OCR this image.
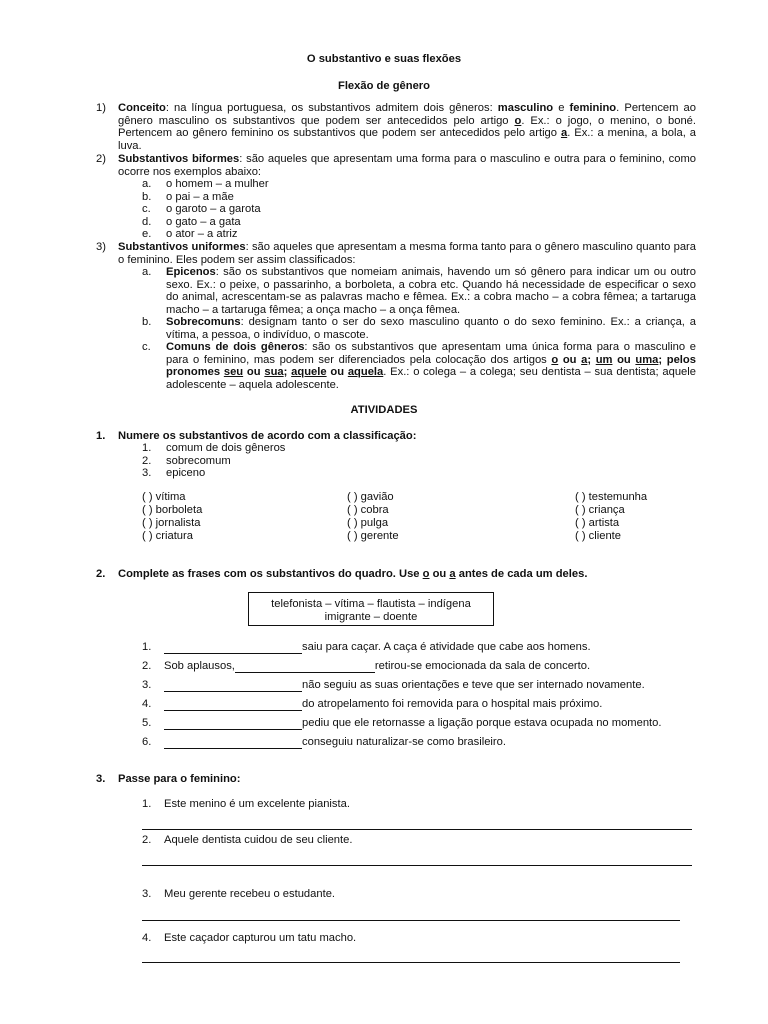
O substantivo e suas flexões
Flexão de gênero
1) Conceito: na língua portuguesa, os substantivos admitem dois gêneros: masculino e feminino. Pertencem ao gênero masculino os substantivos que podem ser antecedidos pelo artigo o. Ex.: o jogo, o menino, o boné. Pertencem ao gênero feminino os substantivos que podem ser antecedidos pelo artigo a. Ex.: a menina, a bola, a luva.
2) Substantivos biformes: são aqueles que apresentam uma forma para o masculino e outra para o feminino, como ocorre nos exemplos abaixo:
a.	o homem – a mulher
b.	o pai – a mãe
c.	o garoto – a garota
d.	o gato – a gata
e.	o ator – a atriz
3) Substantivos uniformes: são aqueles que apresentam a mesma forma tanto para o gênero masculino quanto para o feminino. Eles podem ser assim classificados:
a.	Epicenos: são os substantivos que nomeiam animais, havendo um só gênero para indicar um ou outro sexo. Ex.: o peixe, o passarinho, a borboleta, a cobra etc. Quando há necessidade de especificar o sexo do animal, acrescentam-se as palavras macho e fêmea. Ex.: a cobra macho – a cobra fêmea; a tartaruga macho – a tartaruga fêmea; a onça macho – a onça fêmea.
b.	Sobrecomuns: designam tanto o ser do sexo masculino quanto o do sexo feminino. Ex.: a criança, a vítima, a pessoa, o indivíduo, o mascote.
c.	Comuns de dois gêneros: são os substantivos que apresentam uma única forma para o masculino e para o feminino, mas podem ser diferenciados pela colocação dos artigos o ou a; um ou uma; pelos pronomes seu ou sua; aquele ou aquela. Ex.: o colega – a colega; seu dentista – sua dentista; aquele adolescente – aquela adolescente.
ATIVIDADES
1. Numere os substantivos de acordo com a classificação:
1.	comum de dois gêneros
2.	sobrecomum
3.	epiceno
( ) vítima	( ) gavião	( ) testemunha
( ) borboleta	( ) cobra	( ) criança
( ) jornalista	( ) pulga	( ) artista
( ) criatura	( ) gerente	( ) cliente
2. Complete as frases com os substantivos do quadro. Use o ou a antes de cada um deles.
telefonista – vítima – flautista – indígena
imigrante – doente
1.	saiu para caçar. A caça é atividade que cabe aos homens.
2. Sob aplausos,	retirou-se emocionada da sala de concerto.
3.	não seguiu as suas orientações e teve que ser internado novamente.
4.	do atropelamento foi removida para o hospital mais próximo.
5.	pediu que ele retornasse a ligação porque estava ocupada no momento.
6.	conseguiu naturalizar-se como brasileiro.
3. Passe para o feminino:
1. Este menino é um excelente pianista.
2. Aquele dentista cuidou de seu cliente.
3. Meu gerente recebeu o estudante.
4. Este caçador capturou um tatu macho.
